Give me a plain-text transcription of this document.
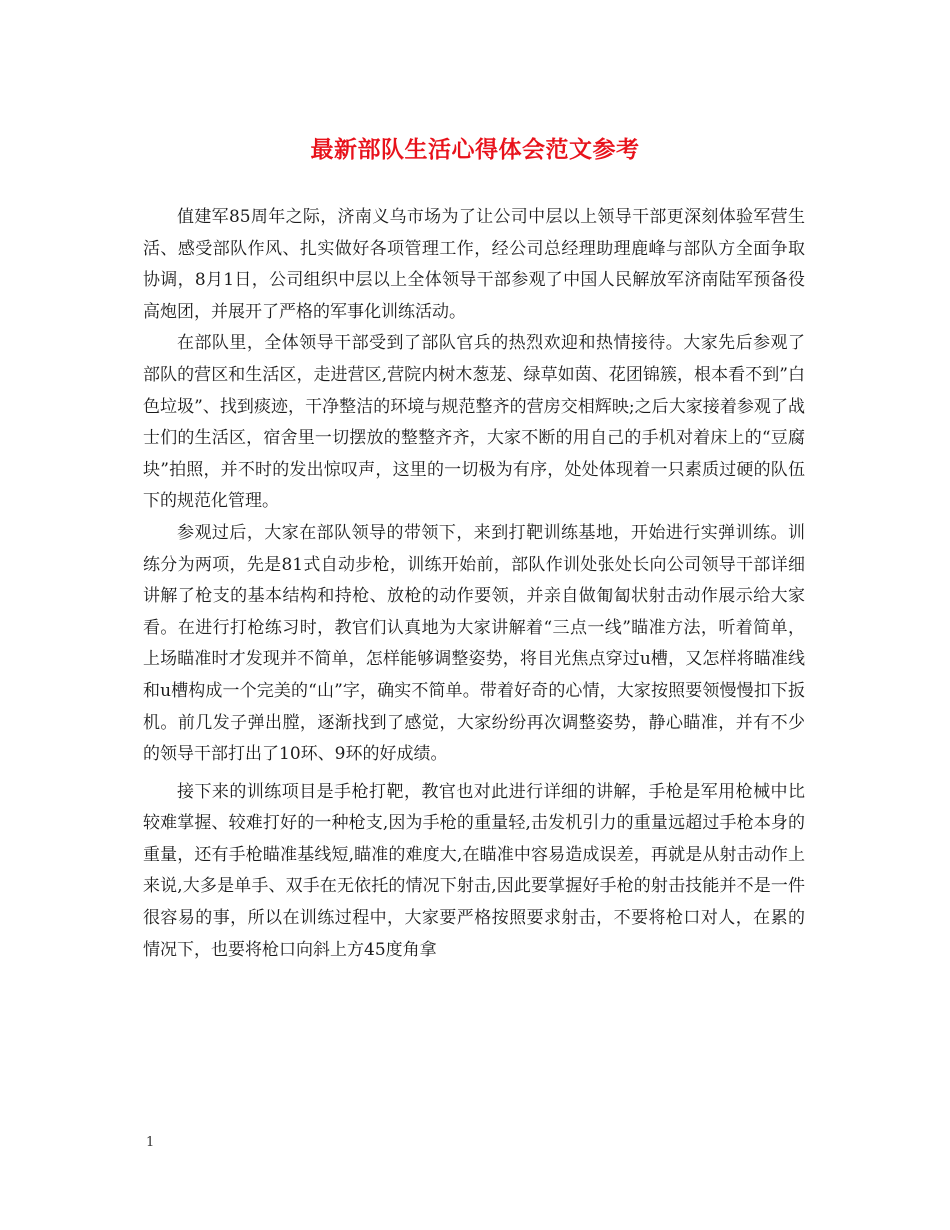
最新部队生活心得体会范文参考

值建军85周年之际，济南义乌市场为了让公司中层以上领导干部更深刻体验军营生活、感受部队作风、扎实做好各项管理工作，经公司总经理助理鹿峰与部队方全面争取协调，8月1日，公司组织中层以上全体领导干部参观了中国人民解放军济南陆军预备役高炮团，并展开了严格的军事化训练活动。

在部队里，全体领导干部受到了部队官兵的热烈欢迎和热情接待。大家先后参观了部队的营区和生活区，走进营区,营院内树木葱茏、绿草如茵、花团锦簇，根本看不到”白色垃圾”、找到痰迹，干净整洁的环境与规范整齐的营房交相辉映;之后大家接着参观了战士们的生活区，宿舍里一切摆放的整整齐齐，大家不断的用自己的手机对着床上的“豆腐块”拍照，并不时的发出惊叹声，这里的一切极为有序，处处体现着一只素质过硬的队伍下的规范化管理。

参观过后，大家在部队领导的带领下，来到打靶训练基地，开始进行实弹训练。训练分为两项，先是81式自动步枪，训练开始前，部队作训处张处长向公司领导干部详细讲解了枪支的基本结构和持枪、放枪的动作要领，并亲自做匍匐状射击动作展示给大家看。在进行打枪练习时，教官们认真地为大家讲解着“三点一线”瞄准方法，听着简单，上场瞄准时才发现并不简单，怎样能够调整姿势，将目光焦点穿过u槽，又怎样将瞄准线和u槽构成一个完美的“山”字，确实不简单。带着好奇的心情，大家按照要领慢慢扣下扳机。前几发子弹出膛，逐渐找到了感觉，大家纷纷再次调整姿势，静心瞄准，并有不少的领导干部打出了10环、9环的好成绩。

接下来的训练项目是手枪打靶，教官也对此进行详细的讲解，手枪是军用枪械中比较难掌握、较难打好的一种枪支,因为手枪的重量轻,击发机引力的重量远超过手枪本身的重量，还有手枪瞄准基线短,瞄准的难度大,在瞄准中容易造成误差，再就是从射击动作上来说,大多是单手、双手在无依托的情况下射击,因此要掌握好手枪的射击技能并不是一件很容易的事，所以在训练过程中，大家要严格按照要求射击，不要将枪口对人，在累的情况下，也要将枪口向斜上方45度角拿

1
